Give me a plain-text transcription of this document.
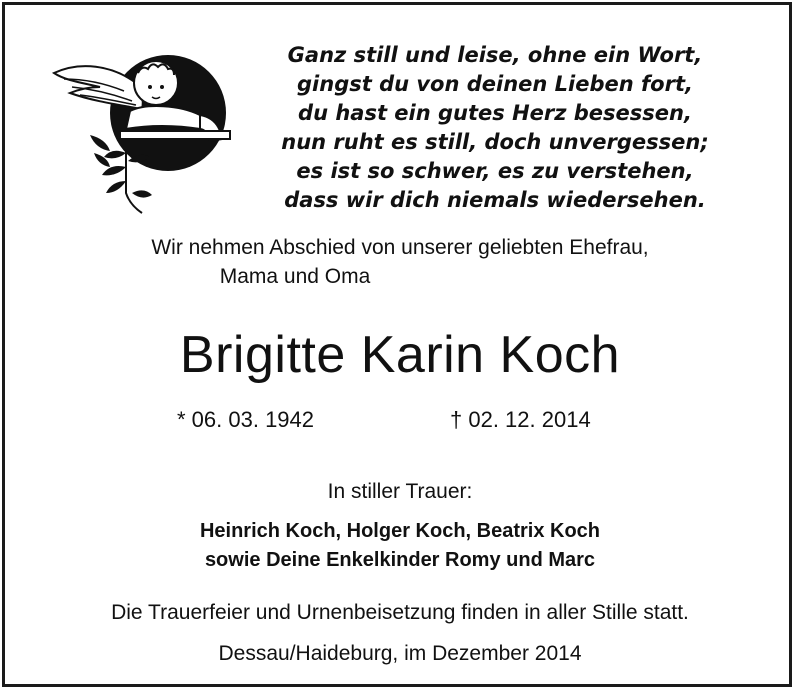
Ganz still und leise, ohne ein Wort,
gingst du von deinen Lieben fort,
du hast ein gutes Herz besessen,
nun ruht es still, doch unvergessen;
es ist so schwer, es zu verstehen,
dass wir dich niemals wiedersehen.
Wir nehmen Abschied von unserer geliebten Ehefrau,
Mama und Oma
Brigitte Karin Koch
* 06. 03. 1942	† 02. 12. 2014
In stiller Trauer:
Heinrich Koch, Holger Koch, Beatrix Koch
sowie Deine Enkelkinder Romy und Marc
Die Trauerfeier und Urnenbeisetzung finden in aller Stille statt.
Dessau/Haideburg, im Dezember 2014
